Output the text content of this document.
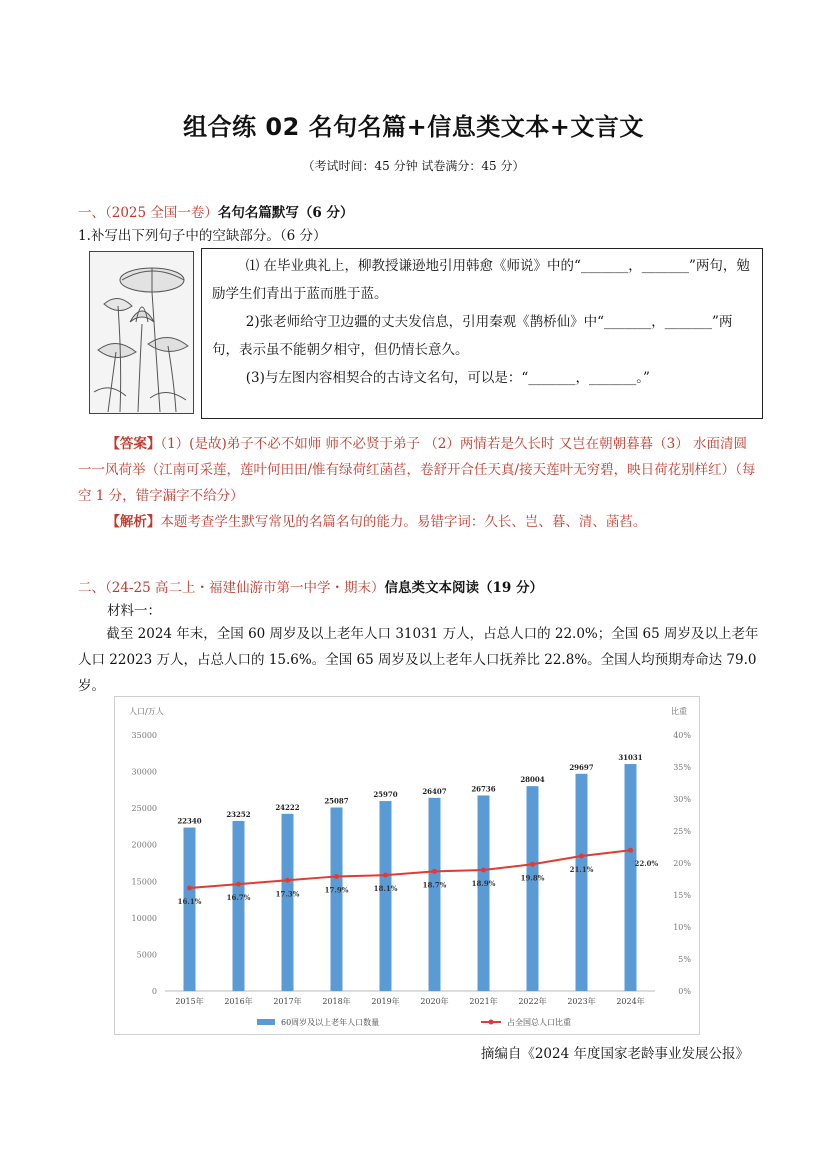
组合练 02 名句名篇+信息类文本+文言文
（考试时间：45 分钟 试卷满分：45 分）
一、（2025 全国一卷）名句名篇默写（6 分）
1.补写出下列句子中的空缺部分。（6 分）

⑴ 在毕业典礼上，柳教授谦逊地引用韩愈《师说》中的“_______，_______”两句，勉励学生们青出于蓝而胜于蓝。

2)张老师给守卫边疆的丈夫发信息，引用秦观《鹊桥仙》中“_______，_______”两句，表示虽不能朝夕相守，但仍情长意久。

(3)与左图内容相契合的古诗文名句，可以是：“_______，_______。”

【答案】（1）(是故)弟子不必不如师 师不必贤于弟子 （2）两情若是久长时 又岂在朝朝暮暮（3） 水面清圆 一一风荷举（江南可采莲，莲叶何田田/惟有绿荷红菡萏，卷舒开合任天真/接天莲叶无穷碧，映日荷花别样红）（每空 1 分，错字漏字不给分）

【解析】本题考查学生默写常见的名篇名句的能力。易错字词：久长、岂、暮、清、菡萏。

二、（24-25 高二上・福建仙游市第一中学・期末）信息类文本阅读（19 分）
材料一：

截至 2024 年末，全国 60 周岁及以上老年人口 31031 万人，占总人口的 22.0%；全国 65 周岁及以上老年人口 22023 万人，占总人口的 15.6%。全国 65 周岁及以上老年人口抚养比 22.8%。全国人均预期寿命达 79.0 岁。

人口/万人	比重
0
5000
10000
15000
20000
25000
30000
35000
0%
5%
10%
15%
20%
25%
30%
35%
40%
22340
2015年
23252
2016年
24222
2017年
25087
2018年
25970
2019年
26407
2020年
26736
2021年
28004
2022年
29697
2023年
31031
2024年
16.1%	16.7%	17.3%	17.9%	18.1%	18.7%	18.9%
19.8%
21.1%
22.0%
60周岁及以上老年人口数量	占全国总人口比重
摘编自《2024 年度国家老龄事业发展公报》
